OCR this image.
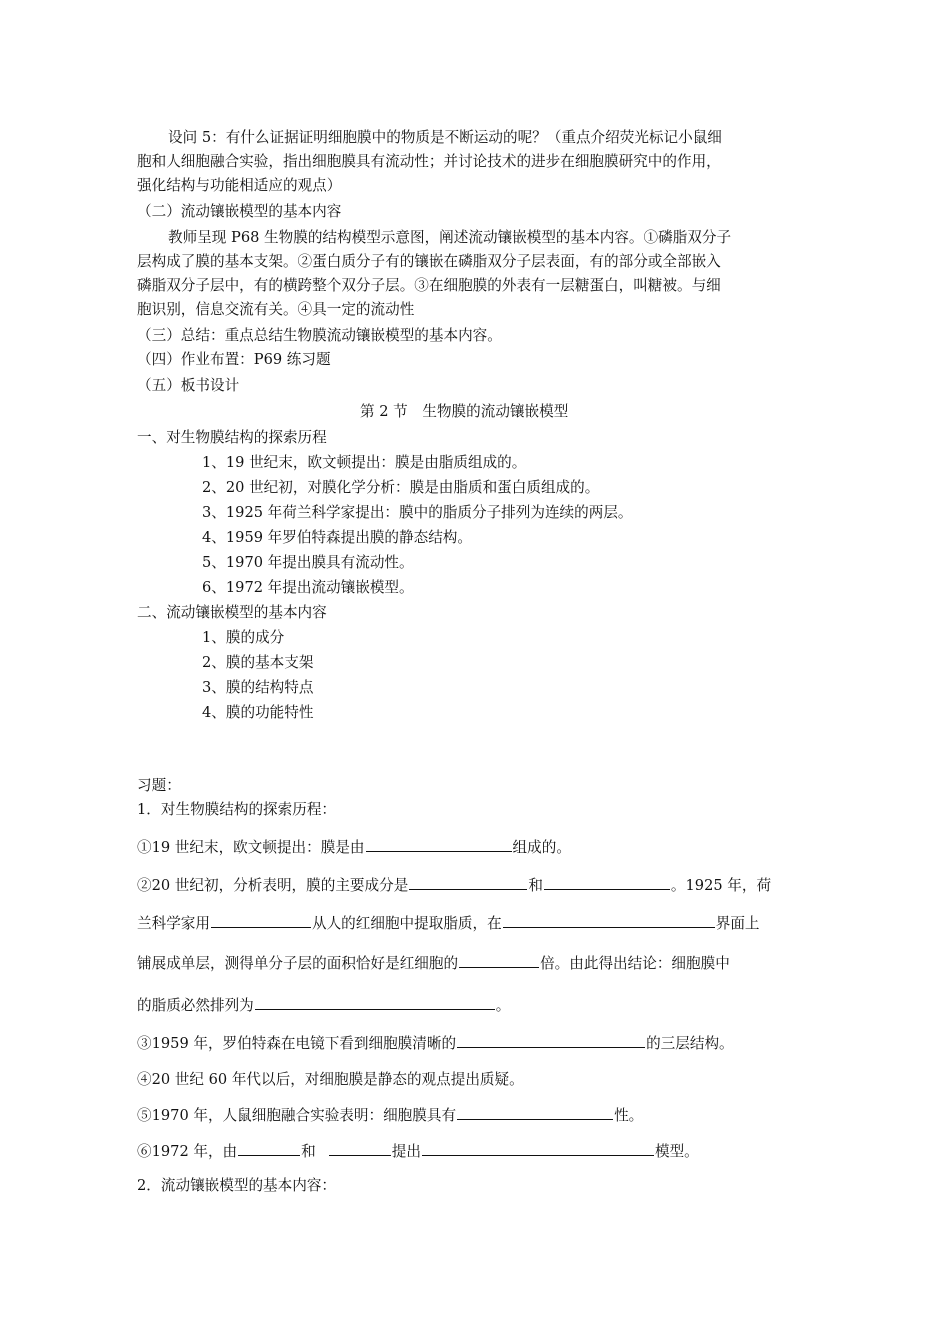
设问 5：有什么证据证明细胞膜中的物质是不断运动的呢？（重点介绍荧光标记小鼠细
胞和人细胞融合实验，指出细胞膜具有流动性；并讨论技术的进步在细胞膜研究中的作用，
强化结构与功能相适应的观点）
（二）流动镶嵌模型的基本内容
教师呈现 P68 生物膜的结构模型示意图，阐述流动镶嵌模型的基本内容。①磷脂双分子
层构成了膜的基本支架。②蛋白质分子有的镶嵌在磷脂双分子层表面，有的部分或全部嵌入
磷脂双分子层中，有的横跨整个双分子层。③在细胞膜的外表有一层糖蛋白，叫糖被。与细
胞识别，信息交流有关。④具一定的流动性
（三）总结：重点总结生物膜流动镶嵌模型的基本内容。
（四）作业布置：P69 练习题
（五）板书设计
第 2 节　生物膜的流动镶嵌模型
一、对生物膜结构的探索历程
1、19 世纪末，欧文顿提出：膜是由脂质组成的。
2、20 世纪初，对膜化学分析：膜是由脂质和蛋白质组成的。
3、1925 年荷兰科学家提出：膜中的脂质分子排列为连续的两层。
4、1959 年罗伯特森提出膜的静态结构。
5、1970 年提出膜具有流动性。
6、1972 年提出流动镶嵌模型。
二、流动镶嵌模型的基本内容
1、膜的成分
2、膜的基本支架
3、膜的结构特点
4、膜的功能特性
习题：
1．对生物膜结构的探索历程：
①19 世纪末，欧文顿提出：膜是由	组成的。
②20 世纪初，分析表明，膜的主要成分是	和	。1925 年，荷
兰科学家用	从人的红细胞中提取脂质，在	界面上
铺展成单层，测得单分子层的面积恰好是红细胞的	倍。由此得出结论：细胞膜中
的脂质必然排列为	。
③1959 年，罗伯特森在电镜下看到细胞膜清晰的	的三层结构。
④20 世纪 60 年代以后，对细胞膜是静态的观点提出质疑。
⑤1970 年，人鼠细胞融合实验表明：细胞膜具有	性。
⑥1972 年，由	和	提出	模型。
2．流动镶嵌模型的基本内容：
